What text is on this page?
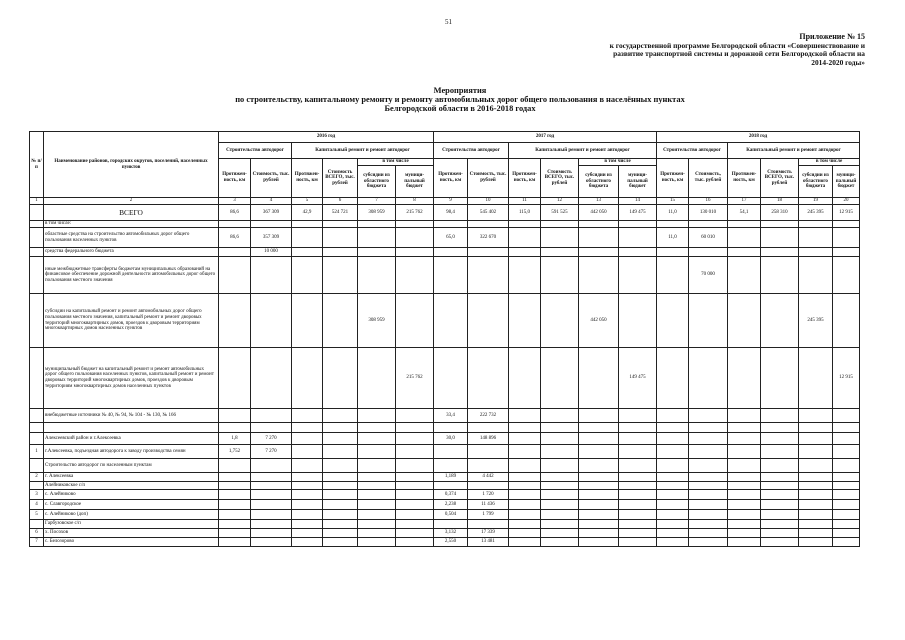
51
Приложение № 15
к государственной программе Белгородской области «Совершенствование и
развитие транспортной системы и дорожной сети Белгородской области на
2014-2020 годы»
Мероприятия
по строительству, капитальному ремонту и ремонту автомобильных дорог общего пользования в населённых пунктах
Белгородской области в 2016-2018 годах
№ п/п	Наименование районов, городских округов, поселений, населенных пунктов	2016 год						2017 год						2018 год					
		Строительство автодорог		Капитальный ремонт и ремонт автодорог				Строительство автодорог		Капитальный ремонт и ремонт автодорог				Строительство автодорог		Капитальный ремонт и ремонт автодорог			
		Протяжен-ность, км	Стоимость, тыс. рублей	Протяжен-ность, км	Стоимость ВСЕГО, тыс. рублей	в том числе		Протяжен-ность, км	Стоимость, тыс. рублей	Протяжен-ность, км	Стоимость ВСЕГО, тыс. рублей	в том числе		Протяжен-ность, км	Стоимость, тыс. рублей	Протяжен-ность, км	Стоимость ВСЕГО, тыс. рублей	в том числе	
						субсидии из областного бюджета	муници-пальный бюджет					субсидии из областного бюджета	муници-пальный бюджет					субсидии из областного бюджета	муници-пальный бюджет
1	2	3	4	5	6	7	8	9	10	11	12	13	14	15	16	17	18	19	20
	ВСЕГО	86,6	367 309	42,9	524 721	308 959	215 762	98,4	545 402	115,0	591 525	442 050	149 475	11,0	130 010	54,1	258 310	245 395	12 915
	в том числе:																		
	областные средства на строительство автомобильных дорог общего пользования населенных пунктов	86,6	357 309					65,0	322 670					11,0	60 010				
	средства федерального бюджета		10 000																
	иные межбюджетные трансферты бюджетам муниципальных образований на финансовое обеспечение дорожной деятельности автомобильных дорог общего пользования местного значения														70 000				
	субсидии на капитальный ремонт и ремонт автомобильных дорог общего пользования местного значения, капитальный ремонт и ремонт дворовых территорий многоквартирных домов, проездов к дворовым территориям многоквартирных домов населенных пунктов					308 959						442 050						245 395	
	муниципальный бюджет на капитальный ремонт и ремонт автомобильных дорог общего пользования населенных пунктов, капитальный ремонт и ремонт дворовых территорий многоквартирных домов, проездов к дворовым территориям многоквартирных домов населенных пунктов						215 762						149 475						12 915
	внебюджетные источники № 40, № 94, № 104 - № 130, № 166							33,4	222 732										

	Алексеевский район и г.Алексеевка	1,8	7 270					30,0	148 896										
1	г.Алексеевка, подъездная автодорога к заводу производства семян	1,752	7 270																
	Строительство автодорог по населенным пунктам																		
2	г. Алексеевка							1,189	4 442										
	Алейниковское с/п																		
3	с. Алейниково							0,374	1 720										
4	с. Славгородское							2,238	11 436										
5	с. Алейниково (доп)							0,504	1 799										
	Гарбузовское с/п																		
6	х. Посохов							3,132	17 339										
7	с. Белозорово							2,550	13 481										
